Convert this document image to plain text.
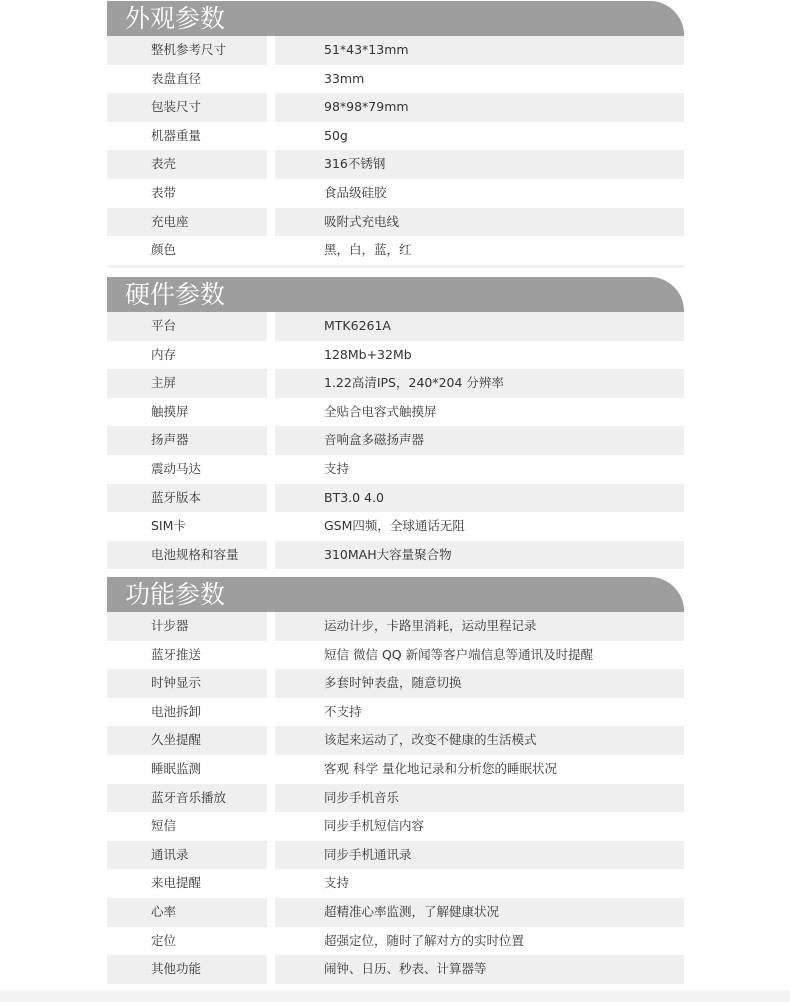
外观参数
整机参考尺寸	51*43*13mm
表盘直径	33mm
包装尺寸	98*98*79mm
机器重量	50g
表壳	316不锈钢
表带	食品级硅胶
充电座	吸附式充电线
颜色	黑，白，蓝，红
硬件参数
平台	MTK6261A
内存	128Mb+32Mb
主屏	1.22高清IPS，240*204 分辨率
触摸屏	全贴合电容式触摸屏
扬声器	音响盒多磁扬声器
震动马达	支持
蓝牙版本	BT3.0 4.0
SIM卡	GSM四频，全球通话无阻
电池规格和容量	310MAH大容量聚合物
功能参数
计步器	运动计步，卡路里消耗，运动里程记录
蓝牙推送	短信 微信 QQ 新闻等客户端信息等通讯及时提醒
时钟显示	多套时钟表盘，随意切换
电池拆卸	不支持
久坐提醒	该起来运动了，改变不健康的生活模式
睡眠监测	客观 科学 量化地记录和分析您的睡眠状况
蓝牙音乐播放	同步手机音乐
短信	同步手机短信内容
通讯录	同步手机通讯录
来电提醒	支持
心率	超精准心率监测，了解健康状况
定位	超强定位，随时了解对方的实时位置
其他功能	闹钟、日历、秒表、计算器等
